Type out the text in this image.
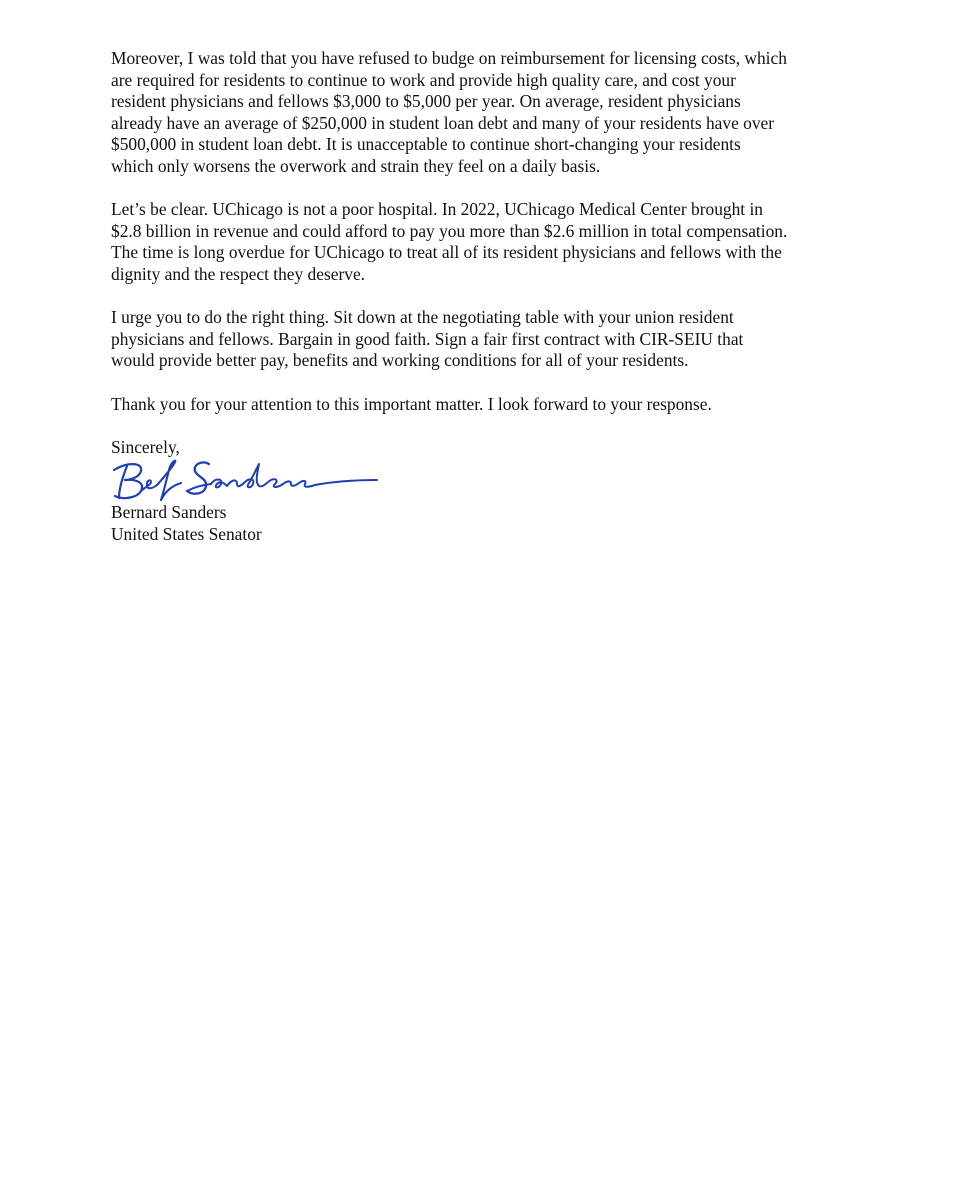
Moreover, I was told that you have refused to budge on reimbursement for licensing costs, which
are required for residents to continue to work and provide high quality care, and cost your
resident physicians and fellows $3,000 to $5,000 per year. On average, resident physicians
already have an average of $250,000 in student loan debt and many of your residents have over
$500,000 in student loan debt. It is unacceptable to continue short-changing your residents
which only worsens the overwork and strain they feel on a daily basis.
Let’s be clear. UChicago is not a poor hospital. In 2022, UChicago Medical Center brought in
$2.8 billion in revenue and could afford to pay you more than $2.6 million in total compensation.
The time is long overdue for UChicago to treat all of its resident physicians and fellows with the
dignity and the respect they deserve.
I urge you to do the right thing. Sit down at the negotiating table with your union resident
physicians and fellows. Bargain in good faith. Sign a fair first contract with CIR-SEIU that
would provide better pay, benefits and working conditions for all of your residents.
Thank you for your attention to this important matter. I look forward to your response.
Sincerely,
Bernard Sanders
United States Senator
